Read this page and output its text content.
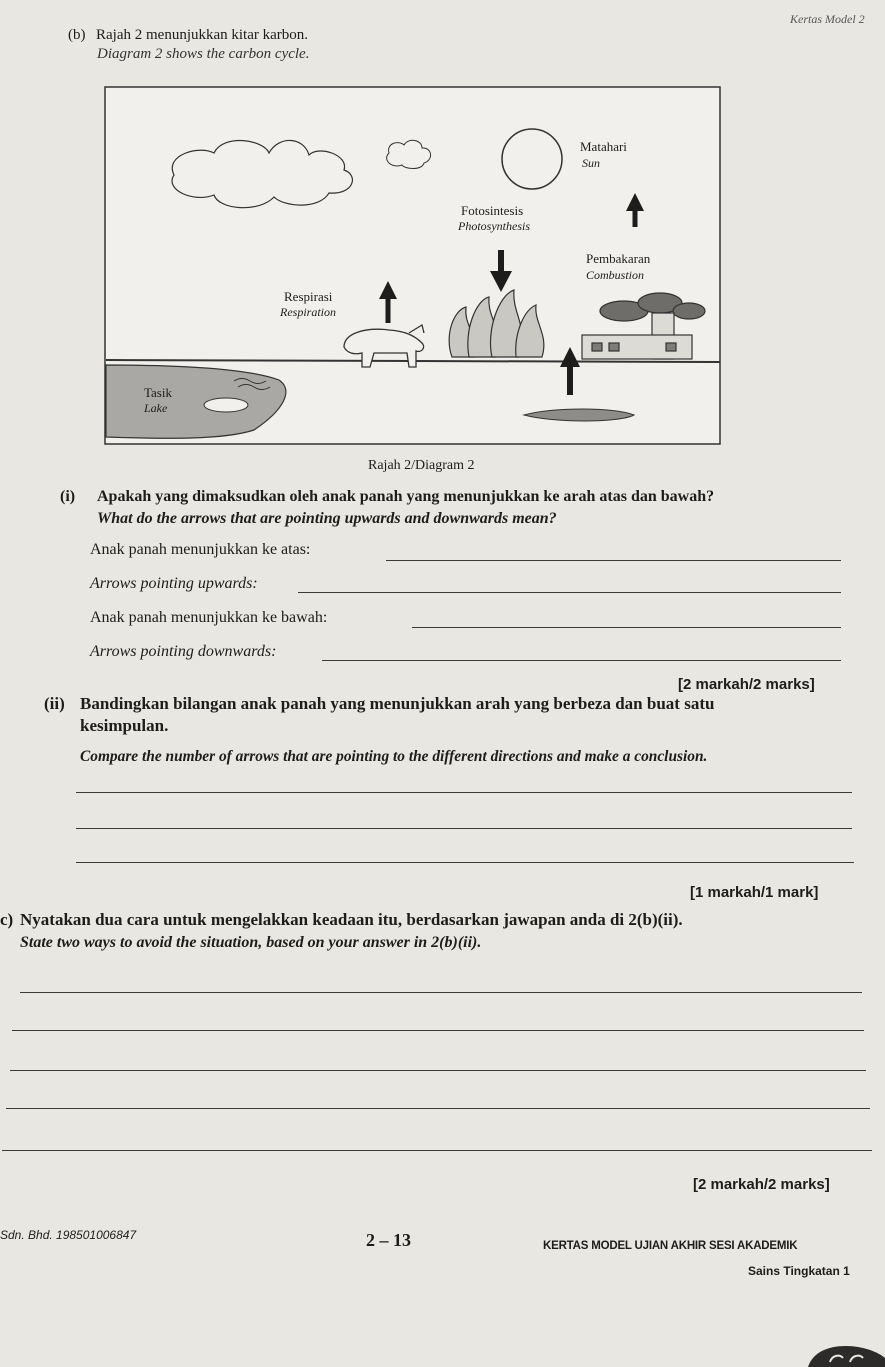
Kertas Model 2
(b) Rajah 2 menunjukkan kitar karbon.
Diagram 2 shows the carbon cycle.
Matahari
Sun
Fotosintesis
Photosynthesis
Pembakaran
Combustion
Respirasi
Respiration
Tasik
Lake
Rajah 2/Diagram 2
(i) Apakah yang dimaksudkan oleh anak panah yang menunjukkan ke arah atas dan bawah?
What do the arrows that are pointing upwards and downwards mean?
Anak panah menunjukkan ke atas:
Arrows pointing upwards:
Anak panah menunjukkan ke bawah:
Arrows pointing downwards:
[2 markah/2 marks]
(ii) Bandingkan bilangan anak panah yang menunjukkan arah yang berbeza dan buat satu
kesimpulan.
Compare the number of arrows that are pointing to the different directions and make a conclusion.
[1 markah/1 mark]
c) Nyatakan dua cara untuk mengelakkan keadaan itu, berdasarkan jawapan anda di 2(b)(ii).
State two ways to avoid the situation, based on your answer in 2(b)(ii).
[2 markah/2 marks]
Sdn. Bhd. 198501006847	2 – 13	KERTAS MODEL UJIAN AKHIR SESI AKADEMIK
Sains Tingkatan 1
